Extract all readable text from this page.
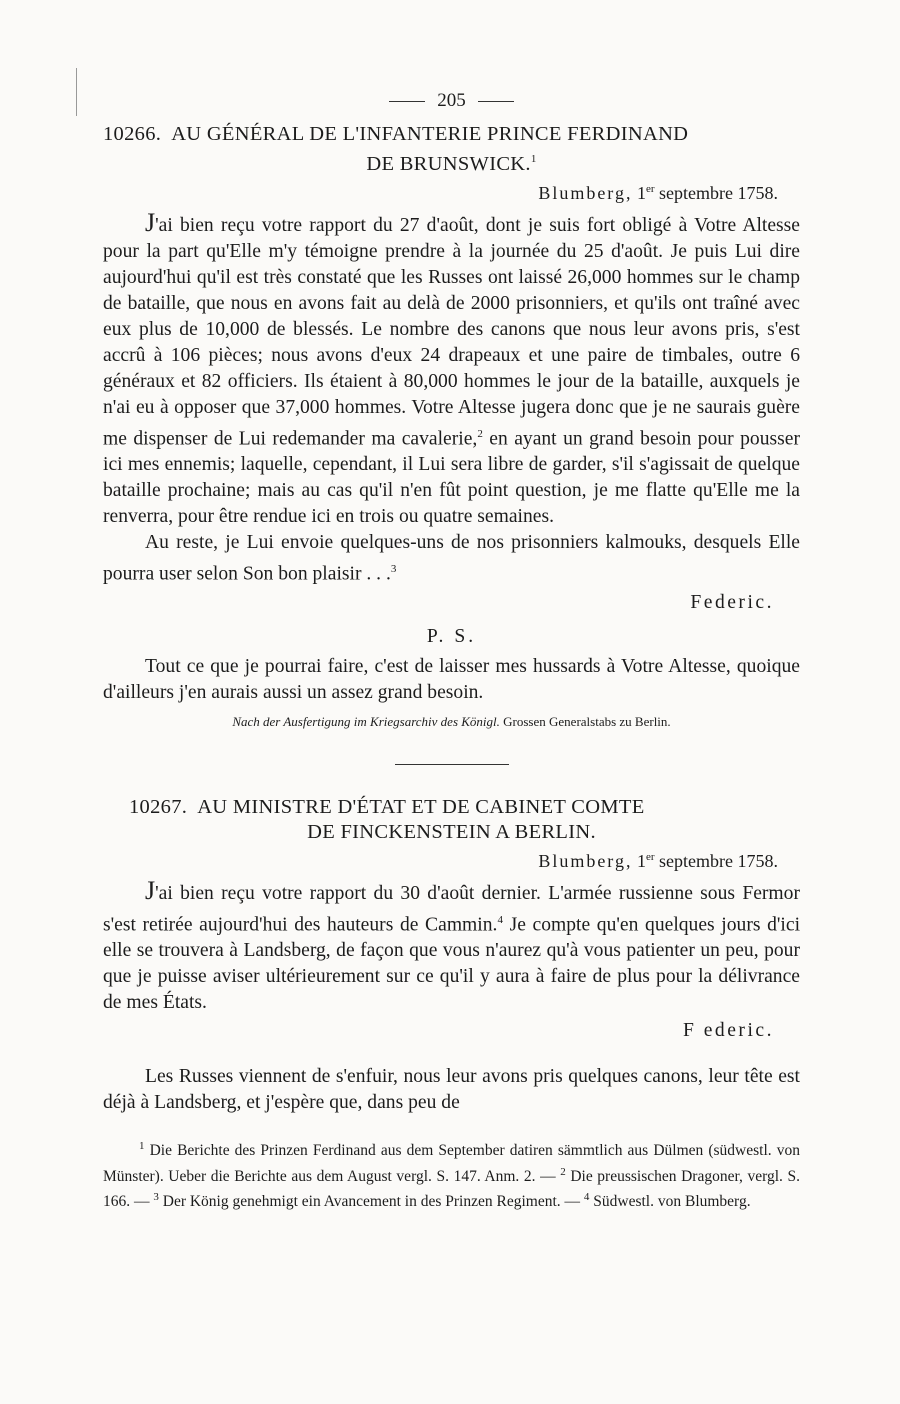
205
10266. AU GÉNÉRAL DE L'INFANTERIE PRINCE FERDINAND
DE BRUNSWICK.$^1$
Blumberg, 1er septembre 1758.

J'ai bien reçu votre rapport du 27 d'août, dont je suis fort obligé à Votre Altesse pour la part qu'Elle m'y témoigne prendre à la journée du 25 d'août. Je puis Lui dire aujourd'hui qu'il est très constaté que les Russes ont laissé 26,000 hommes sur le champ de bataille, que nous en avons fait au delà de 2000 prisonniers, et qu'ils ont traîné avec eux plus de 10,000 de blessés. Le nombre des canons que nous leur avons pris, s'est accrû à 106 pièces; nous avons d'eux 24 drapeaux et une paire de timbales, outre 6 généraux et 82 officiers. Ils étaient à 80,000 hommes le jour de la bataille, auxquels je n'ai eu à opposer que 37,000 hommes. Votre Altesse jugera donc que je ne saurais guère me dispenser de Lui redemander ma cavalerie,$^2$ en ayant un grand besoin pour pousser ici mes ennemis; laquelle, cependant, il Lui sera libre de garder, s'il s'agissait de quelque bataille prochaine; mais au cas qu'il n'en fût point question, je me flatte qu'Elle me la renverra, pour être rendue ici en trois ou quatre semaines.

Au reste, je Lui envoie quelques-uns de nos prisonniers kalmouks, desquels Elle pourra user selon Son bon plaisir . . .$^3$

Federic.
P. S.

Tout ce que je pourrai faire, c'est de laisser mes hussards à Votre Altesse, quoique d'ailleurs j'en aurais aussi un assez grand besoin.

Nach der Ausfertigung im Kriegsarchiv des Königl. Grossen Generalstabs zu Berlin.
10267. AU MINISTRE D'ÉTAT ET DE CABINET COMTE
DE FINCKENSTEIN A BERLIN.
Blumberg, 1er septembre 1758.

J'ai bien reçu votre rapport du 30 d'août dernier. L'armée russienne sous Fermor s'est retirée aujourd'hui des hauteurs de Cammin.$^4$ Je compte qu'en quelques jours d'ici elle se trouvera à Landsberg, de façon que vous n'aurez qu'à vous patienter un peu, pour que je puisse aviser ultérieurement sur ce qu'il y aura à faire de plus pour la délivrance de mes États.

F ederic.

Les Russes viennent de s'enfuir, nous leur avons pris quelques canons, leur tête est déjà à Landsberg, et j'espère que, dans peu de

$^1$ Die Berichte des Prinzen Ferdinand aus dem September datiren sämmtlich aus Dülmen (südwestl. von Münster). Ueber die Berichte aus dem August vergl. S. 147. Anm. 2. — $^2$ Die preussischen Dragoner, vergl. S. 166. — $^3$ Der König genehmigt ein Avancement in des Prinzen Regiment. — $^4$ Südwestl. von Blumberg.
